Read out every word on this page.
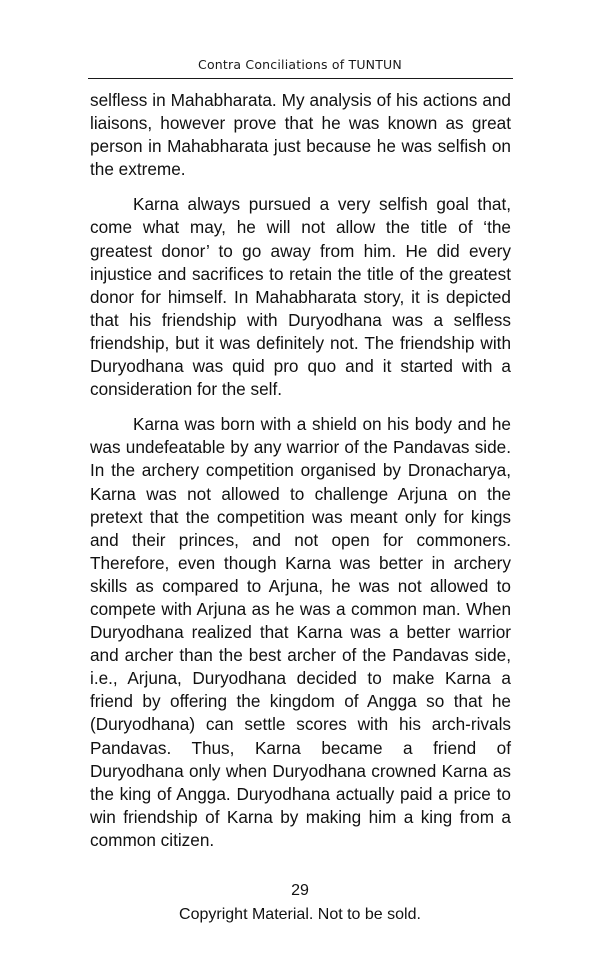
Contra Conciliations of TUNTUN

selfless in Mahabharata. My analysis of his actions and liaisons, however prove that he was known as great person in Mahabharata just because he was selfish on the extreme.

Karna always pursued a very selfish goal that, come what may, he will not allow the title of ‘the greatest donor’ to go away from him. He did every injustice and sacrifices to retain the title of the greatest donor for himself. In Mahabharata story, it is depicted that his friendship with Duryodhana was a selfless friendship, but it was definitely not. The friendship with Duryodhana was quid pro quo and it started with a consideration for the self.

Karna was born with a shield on his body and he was undefeatable by any warrior of the Pandavas side. In the archery competition organised by Dronacharya, Karna was not allowed to challenge Arjuna on the pretext that the competition was meant only for kings and their princes, and not open for commoners. Therefore, even though Karna was better in archery skills as compared to Arjuna, he was not allowed to compete with Arjuna as he was a common man. When Duryodhana realized that Karna was a better warrior and archer than the best archer of the Pandavas side, i.e., Arjuna, Duryodhana decided to make Karna a friend by offering the kingdom of Angga so that he (Duryodhana) can settle scores with his arch-rivals Pandavas. Thus, Karna became a friend of Duryodhana only when Duryodhana crowned Karna as the king of Angga. Duryodhana actually paid a price to win friendship of Karna by making him a king from a common citizen.

29
Copyright Material. Not to be sold.
